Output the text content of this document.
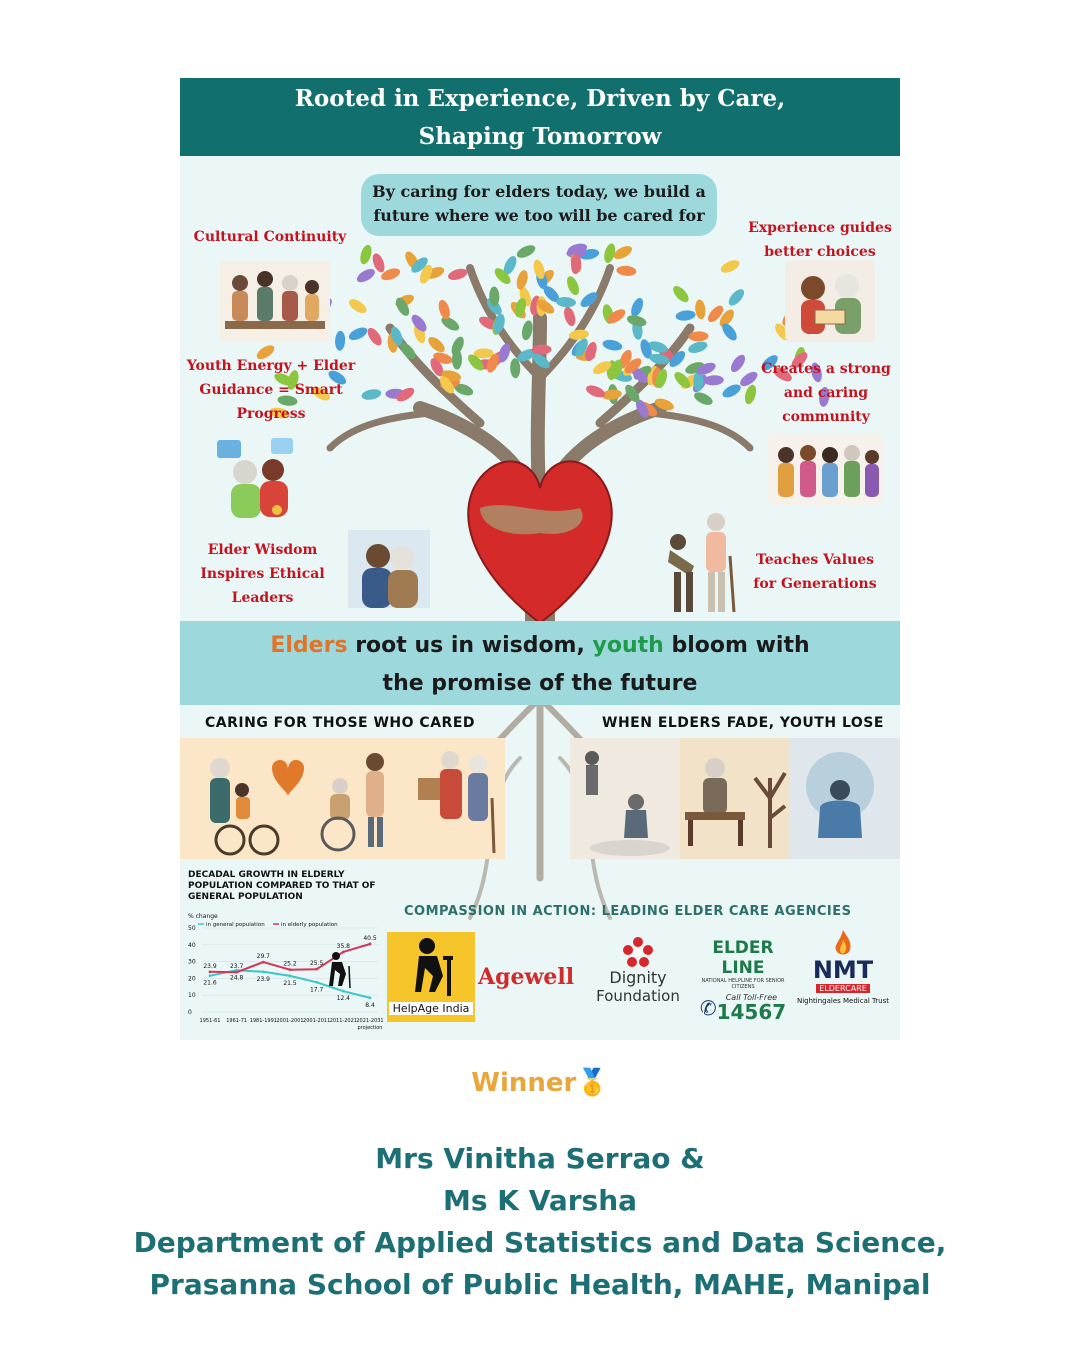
Rooted in Experience, Driven by Care,
Shaping Tomorrow
By caring for elders today, we build a
future where we too will be cared for
Cultural Continuity
Experience guides
better choices
Youth Energy + Elder
Guidance = Smart
Progress
Creates a strong
and caring
community
Elder Wisdom
Inspires Ethical
Leaders
Teaches Values
for Generations
Elders root us in wisdom, youth bloom with
the promise of the future
CARING FOR THOSE WHO CARED	WHEN ELDERS FADE, YOUTH LOSE
DECADAL GROWTH IN ELDERLY POPULATION COMPARED TO THAT OF GENERAL POPULATION
% change
50
40
30
20
10
0
1951-61 1961-71 1981-1991 2001-2001 2001-2011 2011-2021 2021-2031
projection
in general population
21.6
24.8 23.9
21.5
17.7
12.4
8.4
in elderly population
23.9 23.7
29.7
25.2 25.5
35.8
40.5
COMPASSION IN ACTION: LEADING ELDER CARE AGENCIES
HelpAge India
Agewell	Dignity
Foundation
ELDER LINE
NATIONAL HELPLINE FOR SENIOR CITIZENS
✆	Call Toll-Free
14567
NMT
ELDERCARE
Nightingales Medical Trust
Winner🥇
Mrs Vinitha Serrao &
Ms K Varsha
Department of Applied Statistics and Data Science,
Prasanna School of Public Health, MAHE, Manipal
